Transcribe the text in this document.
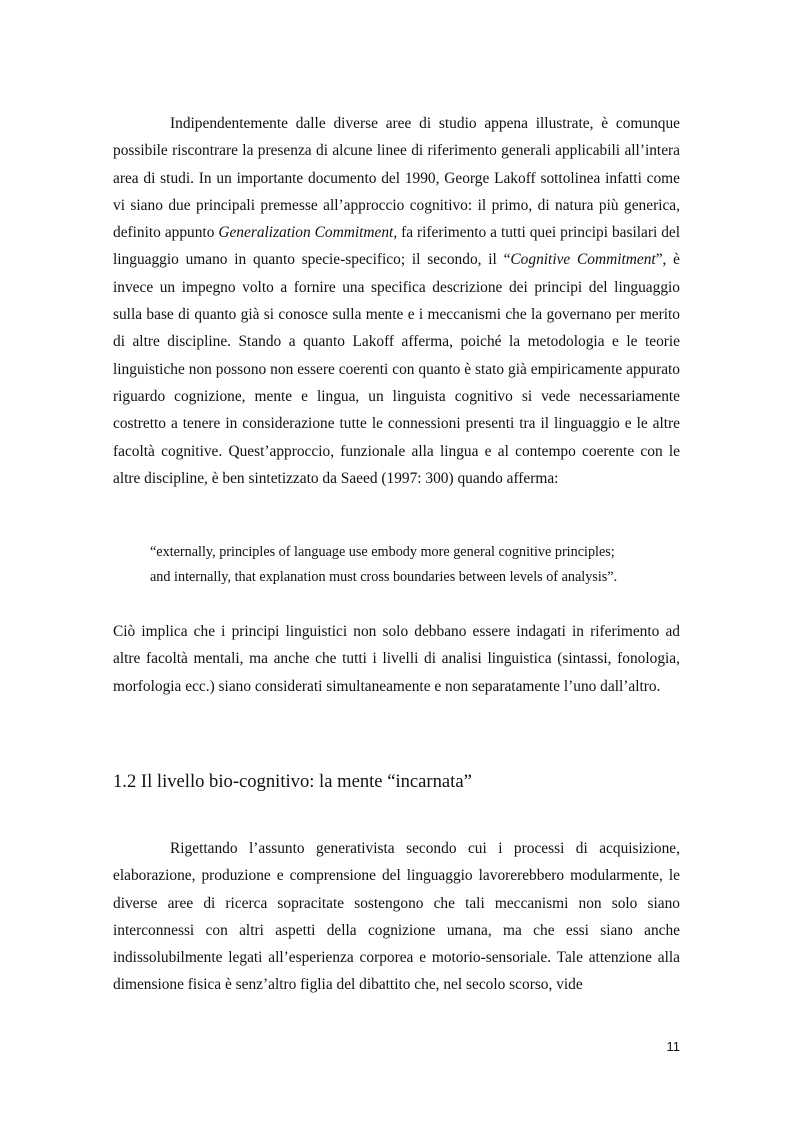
Indipendentemente dalle diverse aree di studio appena illustrate, è comunque possibile riscontrare la presenza di alcune linee di riferimento generali applicabili all’intera area di studi. In un importante documento del 1990, George Lakoff sottolinea infatti come vi siano due principali premesse all’approccio cognitivo: il primo, di natura più generica, definito appunto Generalization Commitment, fa riferimento a tutti quei principi basilari del linguaggio umano in quanto specie-specifico; il secondo, il “Cognitive Commitment”, è invece un impegno volto a fornire una specifica descrizione dei principi del linguaggio sulla base di quanto già si conosce sulla mente e i meccanismi che la governano per merito di altre discipline. Stando a quanto Lakoff afferma, poiché la metodologia e le teorie linguistiche non possono non essere coerenti con quanto è stato già empiricamente appurato riguardo cognizione, mente e lingua, un linguista cognitivo si vede necessariamente costretto a tenere in considerazione tutte le connessioni presenti tra il linguaggio e le altre facoltà cognitive. Quest’approccio, funzionale alla lingua e al contempo coerente con le altre discipline, è ben sintetizzato da Saeed (1997: 300) quando afferma:

“externally, principles of language use embody more general cognitive principles;
and internally, that explanation must cross boundaries between levels of analysis”.

Ciò implica che i principi linguistici non solo debbano essere indagati in riferimento ad altre facoltà mentali, ma anche che tutti i livelli di analisi linguistica (sintassi, fonologia, morfologia ecc.) siano considerati simultaneamente e non separatamente l’uno dall’altro.

1.2 Il livello bio-cognitivo: la mente “incarnata”

Rigettando l’assunto generativista secondo cui i processi di acquisizione, elaborazione, produzione e comprensione del linguaggio lavorerebbero modularmente, le diverse aree di ricerca sopracitate sostengono che tali meccanismi non solo siano interconnessi con altri aspetti della cognizione umana, ma che essi siano anche indissolubilmente legati all’esperienza corporea e motorio-sensoriale. Tale attenzione alla dimensione fisica è senz’altro figlia del dibattito che, nel secolo scorso, vide

11
